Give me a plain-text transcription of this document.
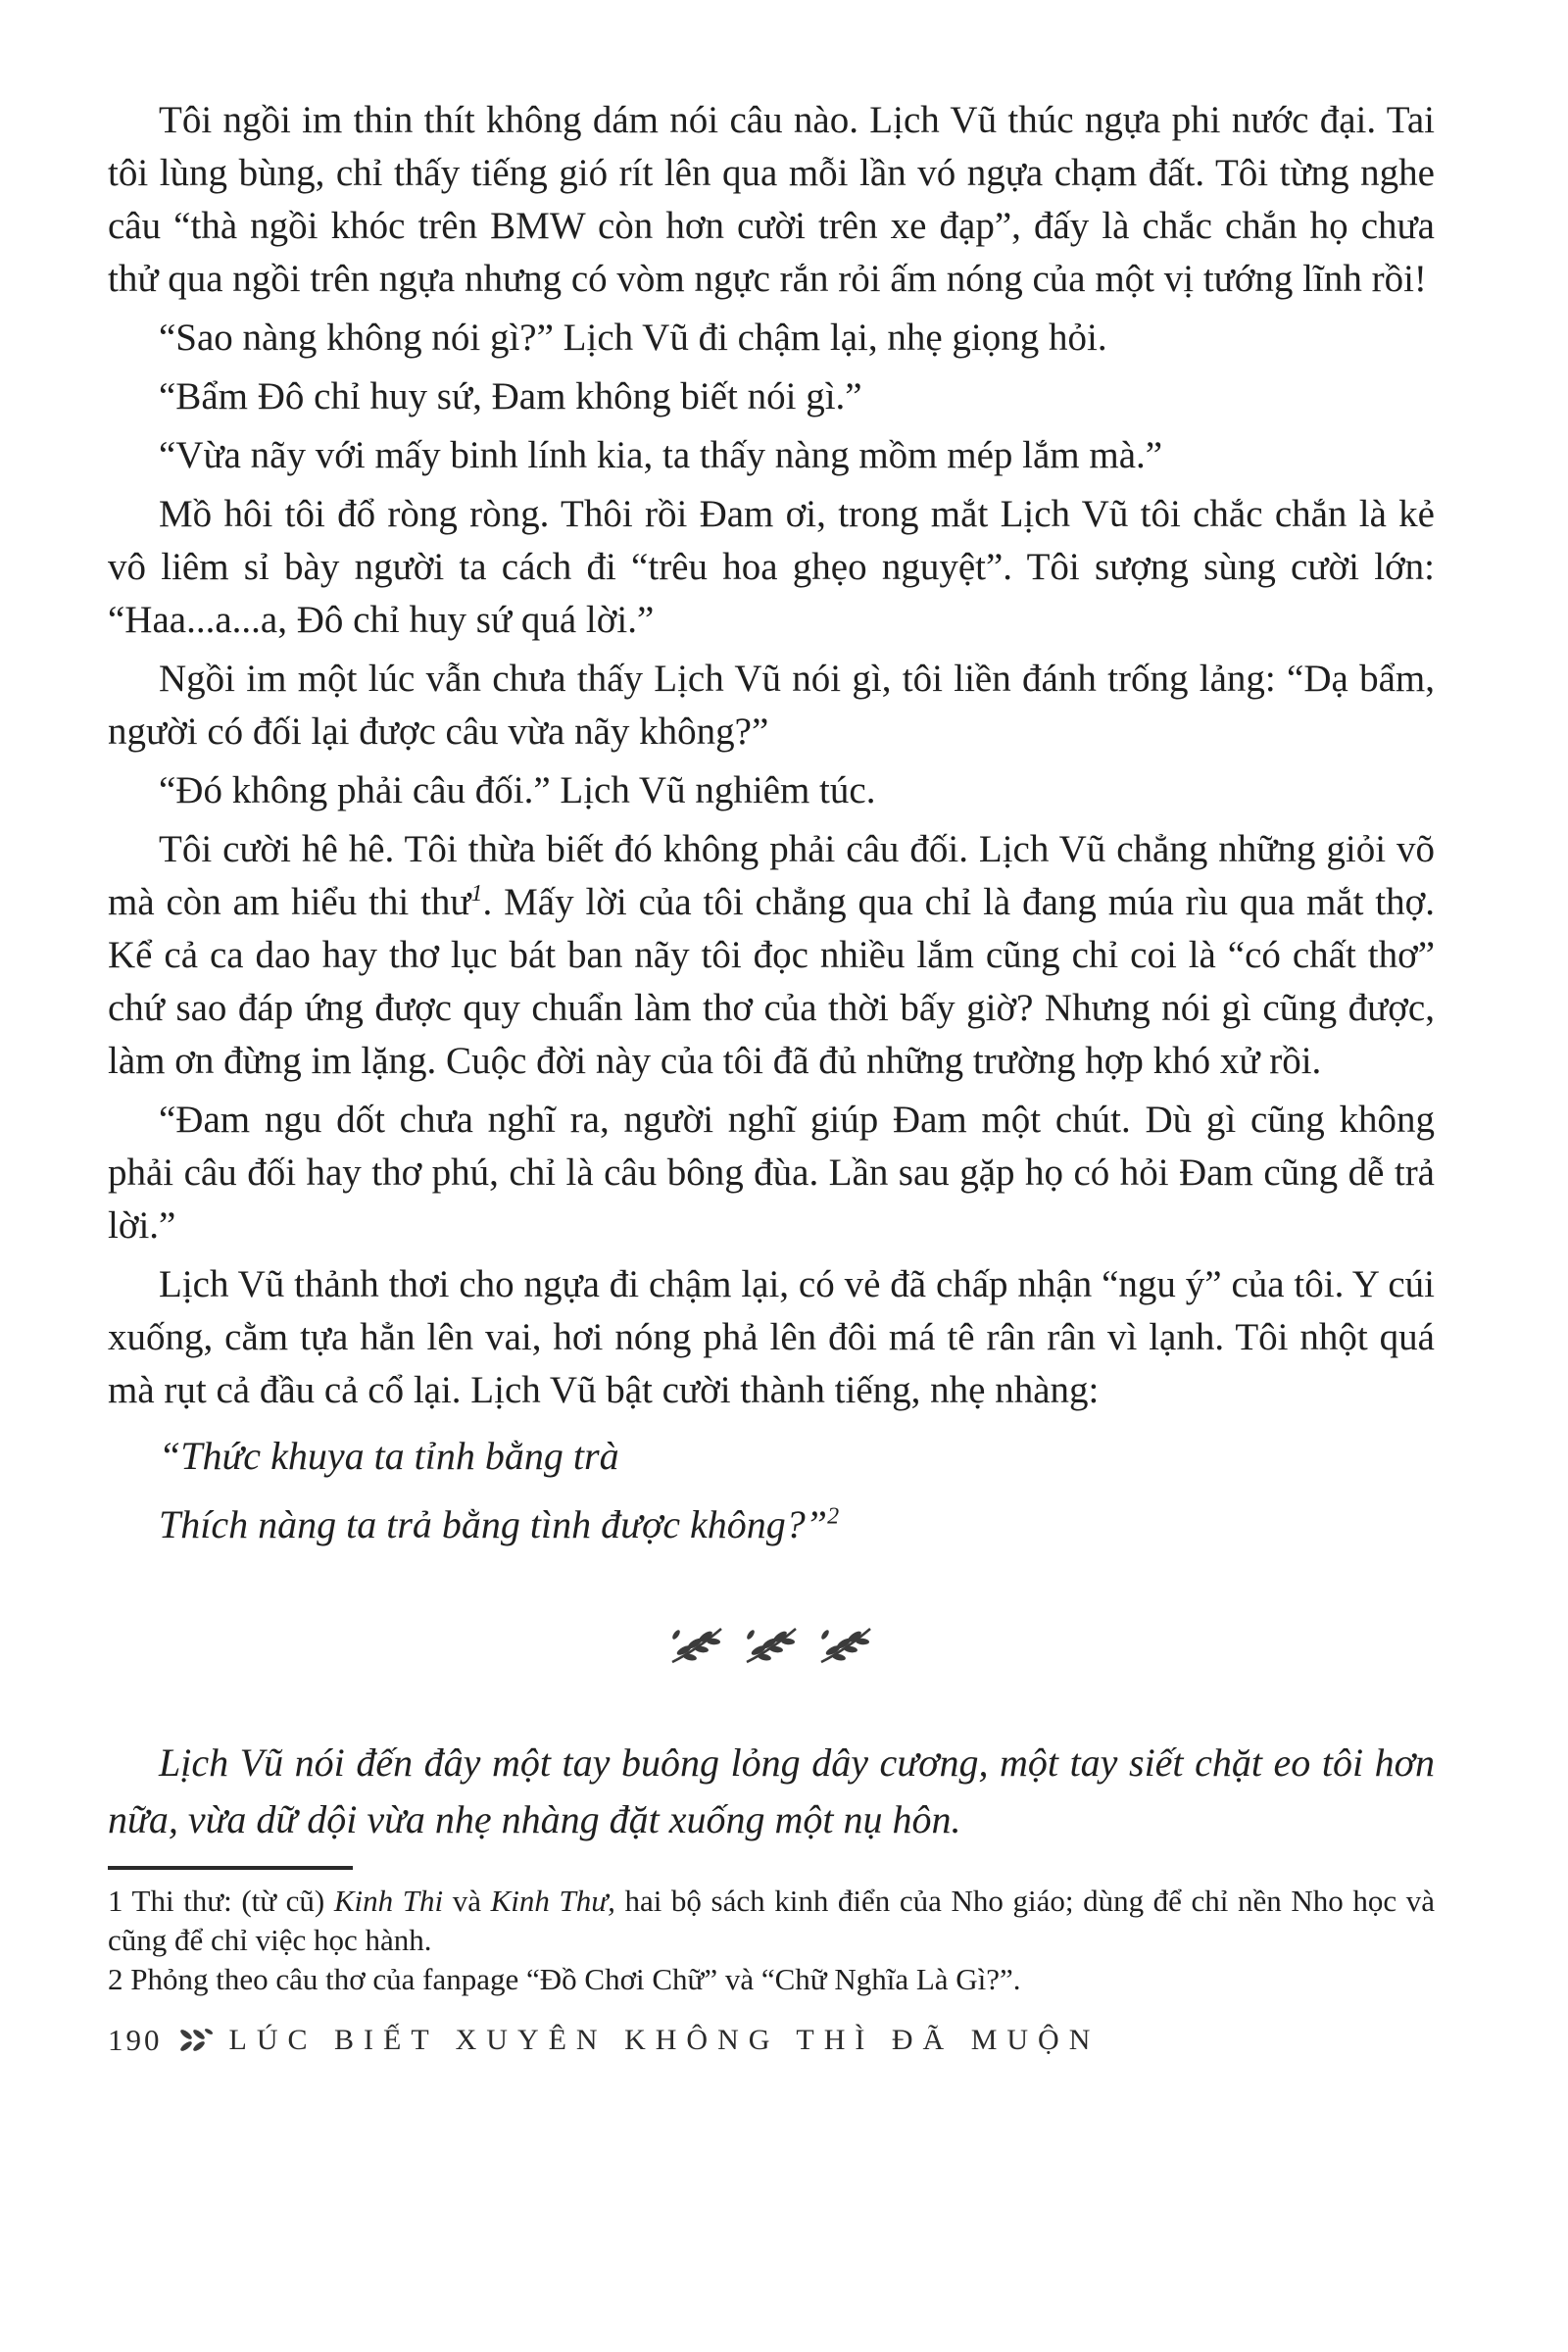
Tôi ngồi im thin thít không dám nói câu nào. Lịch Vũ thúc ngựa phi nước đại. Tai tôi lùng bùng, chỉ thấy tiếng gió rít lên qua mỗi lần vó ngựa chạm đất. Tôi từng nghe câu “thà ngồi khóc trên BMW còn hơn cười trên xe đạp”, đấy là chắc chắn họ chưa thử qua ngồi trên ngựa nhưng có vòm ngực rắn rỏi ấm nóng của một vị tướng lĩnh rồi!

“Sao nàng không nói gì?” Lịch Vũ đi chậm lại, nhẹ giọng hỏi.

“Bẩm Đô chỉ huy sứ, Đam không biết nói gì.”

“Vừa nãy với mấy binh lính kia, ta thấy nàng mồm mép lắm mà.”

Mồ hôi tôi đổ ròng ròng. Thôi rồi Đam ơi, trong mắt Lịch Vũ tôi chắc chắn là kẻ vô liêm sỉ bày người ta cách đi “trêu hoa ghẹo nguyệt”. Tôi sượng sùng cười lớn: “Haa...a...a, Đô chỉ huy sứ quá lời.”

Ngồi im một lúc vẫn chưa thấy Lịch Vũ nói gì, tôi liền đánh trống lảng: “Dạ bẩm, người có đối lại được câu vừa nãy không?”

“Đó không phải câu đối.” Lịch Vũ nghiêm túc.

Tôi cười hê hê. Tôi thừa biết đó không phải câu đối. Lịch Vũ chẳng những giỏi võ mà còn am hiểu thi thư$^1$. Mấy lời của tôi chẳng qua chỉ là đang múa rìu qua mắt thợ. Kể cả ca dao hay thơ lục bát ban nãy tôi đọc nhiều lắm cũng chỉ coi là “có chất thơ” chứ sao đáp ứng được quy chuẩn làm thơ của thời bấy giờ? Nhưng nói gì cũng được, làm ơn đừng im lặng. Cuộc đời này của tôi đã đủ những trường hợp khó xử rồi.

“Đam ngu dốt chưa nghĩ ra, người nghĩ giúp Đam một chút. Dù gì cũng không phải câu đối hay thơ phú, chỉ là câu bông đùa. Lần sau gặp họ có hỏi Đam cũng dễ trả lời.”

Lịch Vũ thảnh thơi cho ngựa đi chậm lại, có vẻ đã chấp nhận “ngu ý” của tôi. Y cúi xuống, cằm tựa hẳn lên vai, hơi nóng phả lên đôi má tê rân rân vì lạnh. Tôi nhột quá mà rụt cả đầu cả cổ lại. Lịch Vũ bật cười thành tiếng, nhẹ nhàng:

“Thức khuya ta tỉnh bằng trà

Thích nàng ta trả bằng tình được không?”$^2$

Lịch Vũ nói đến đây một tay buông lỏng dây cương, một tay siết chặt eo tôi hơn nữa, vừa dữ dội vừa nhẹ nhàng đặt xuống một nụ hôn.

1 Thi thư: (từ cũ) Kinh Thi và Kinh Thư, hai bộ sách kinh điển của Nho giáo; dùng để chỉ nền Nho học và cũng để chỉ việc học hành.

2 Phỏng theo câu thơ của fanpage “Đồ Chơi Chữ” và “Chữ Nghĩa Là Gì?”.

190 LÚC BIẾT XUYÊN KHÔNG THÌ ĐÃ MUỘN
